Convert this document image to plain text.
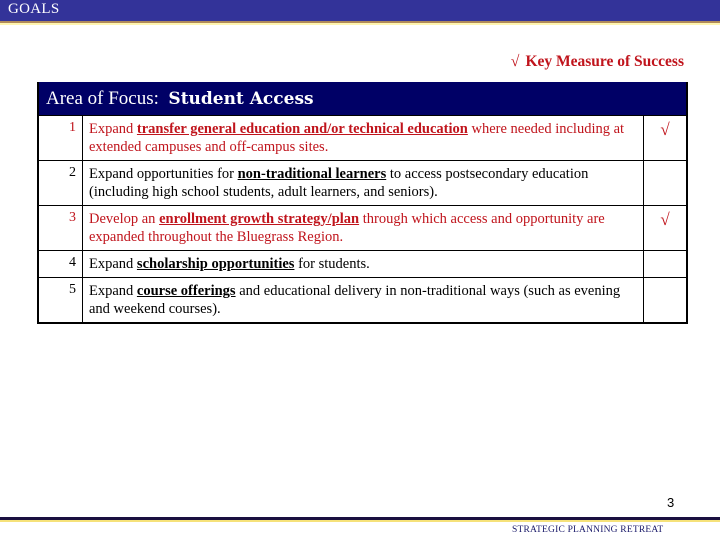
GOALS
√ Key Measure of Success
Area of Focus: Student Access
1 Expand transfer general education and/or technical education where needed including at extended campuses and off-campus sites.
√
2 Expand opportunities for non-traditional learners to access postsecondary education (including high school students, adult learners, and seniors).
3 Develop an enrollment growth strategy/plan through which access and opportunity are expanded throughout the Bluegrass Region.
√
4 Expand scholarship opportunities for students.
5 Expand course offerings and educational delivery in non-traditional ways (such as evening and weekend courses).
3
STRATEGIC PLANNING RETREAT
